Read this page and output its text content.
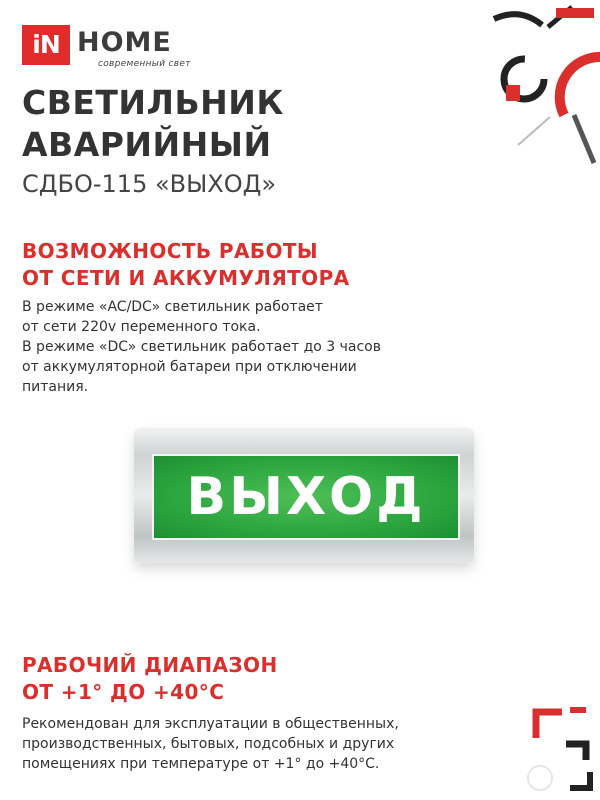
iN HOME
современный свет
СВЕТИЛЬНИК
АВАРИЙНЫЙ
СДБО-115 «ВЫХОД»
ВОЗМОЖНОСТЬ РАБОТЫ
ОТ СЕТИ И АККУМУЛЯТОРА

В режиме «AC/DC» светильник работает
от сети 220v переменного тока.
В режиме «DC» светильник работает до 3 часов
от аккумуляторной батареи при отключении
питания.

ВЫХОД
РАБОЧИЙ ДИАПАЗОН
ОТ +1° ДО +40°С

Рекомендован для эксплуатации в общественных,
производственных, бытовых, подсобных и других
помещениях при температуре от +1° до +40°С.
